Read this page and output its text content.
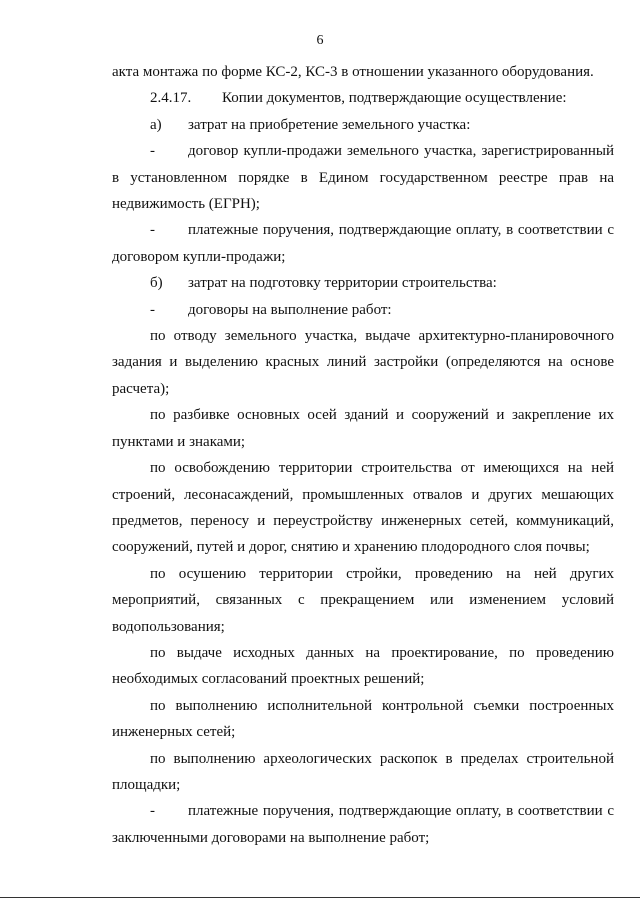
6

акта монтажа по форме КС-2, КС-3 в отношении указанного оборудования.

2.4.17.	Копии документов, подтверждающие осуществление:
а)	затрат на приобретение земельного участка:

- договор купли-продажи земельного участка, зарегистрированный в установленном порядке в Едином государственном реестре прав на недвижимость (ЕГРН);

- платежные поручения, подтверждающие оплату, в соответствии с договором купли-продажи;

б)	затрат на подготовку территории строительства:
-	договоры на выполнение работ:

по отводу земельного участка, выдаче архитектурно-планировочного задания и выделению красных линий застройки (определяются на основе расчета);

по разбивке основных осей зданий и сооружений и закрепление их пунктами и знаками;

по освобождению территории строительства от имеющихся на ней строений, лесонасаждений, промышленных отвалов и других мешающих предметов, переносу и переустройству инженерных сетей, коммуникаций, сооружений, путей и дорог, снятию и хранению плодородного слоя почвы;

по осушению территории стройки, проведению на ней других мероприятий, связанных с прекращением или изменением условий водопользования;

по выдаче исходных данных на проектирование, по проведению необходимых согласований проектных решений;

по выполнению исполнительной контрольной съемки построенных инженерных сетей;

по выполнению археологических раскопок в пределах строительной площадки;

- платежные поручения, подтверждающие оплату, в соответствии с заключенными договорами на выполнение работ;
